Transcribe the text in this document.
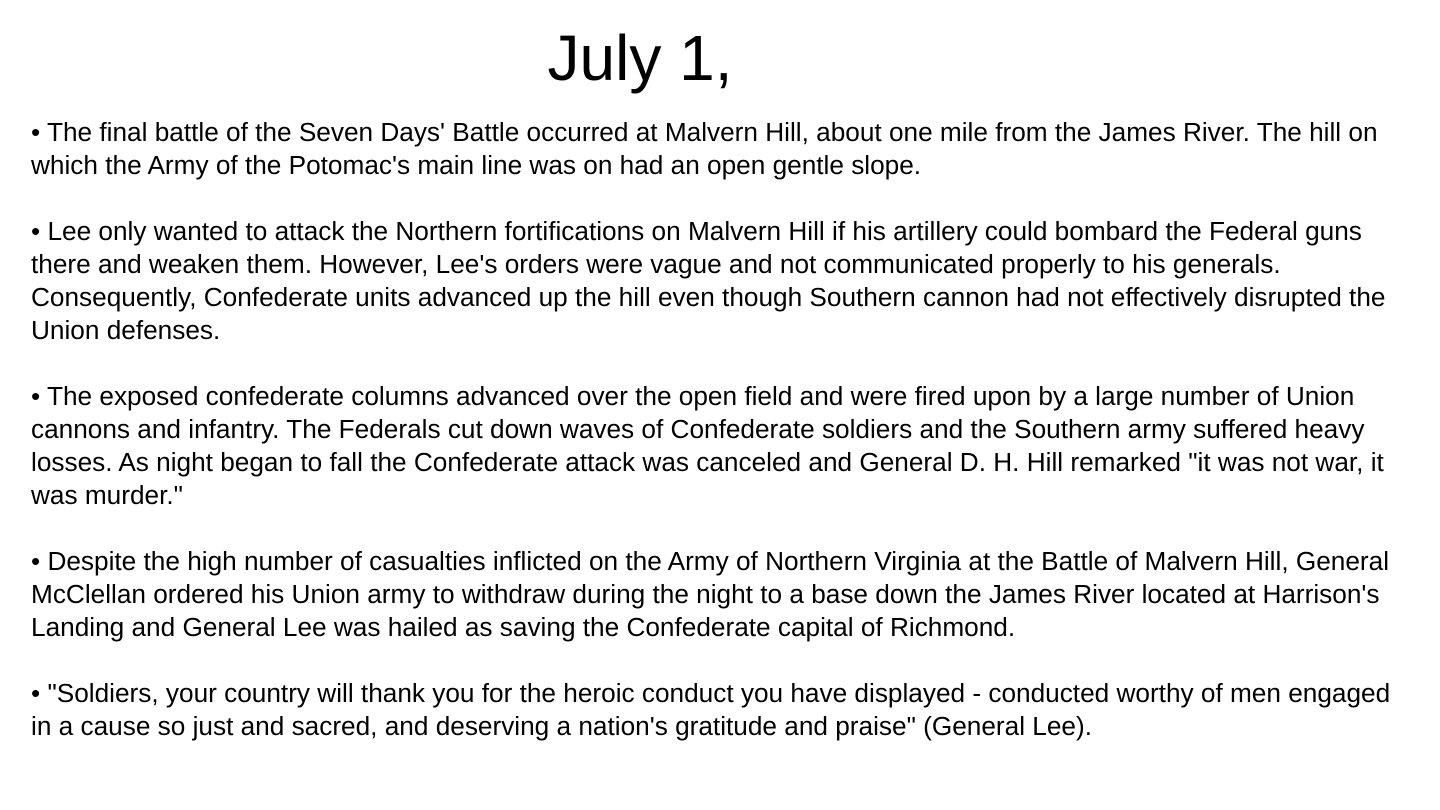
July 1,
• The final battle of the Seven Days' Battle occurred at Malvern Hill, about one mile from the James River. The hill on which the Army of the Potomac's main line was on had an open gentle slope.
• Lee only wanted to attack the Northern fortifications on Malvern Hill if his artillery could bombard the Federal guns there and weaken them. However, Lee's orders were vague and not communicated properly to his generals. Consequently, Confederate units advanced up the hill even though Southern cannon had not effectively disrupted the Union defenses.
• The exposed confederate columns advanced over the open field and were fired upon by a large number of Union cannons and infantry. The Federals cut down waves of Confederate soldiers and the Southern army suffered heavy losses. As night began to fall the Confederate attack was canceled and General D. H. Hill remarked "it was not war, it was murder."
• Despite the high number of casualties inflicted on the Army of Northern Virginia at the Battle of Malvern Hill, General McClellan ordered his Union army to withdraw during the night to a base down the James River located at Harrison's Landing and General Lee was hailed as saving the Confederate capital of Richmond.
• "Soldiers, your country will thank you for the heroic conduct you have displayed - conducted worthy of men engaged in a cause so just and sacred, and deserving a nation's gratitude and praise" (General Lee).
